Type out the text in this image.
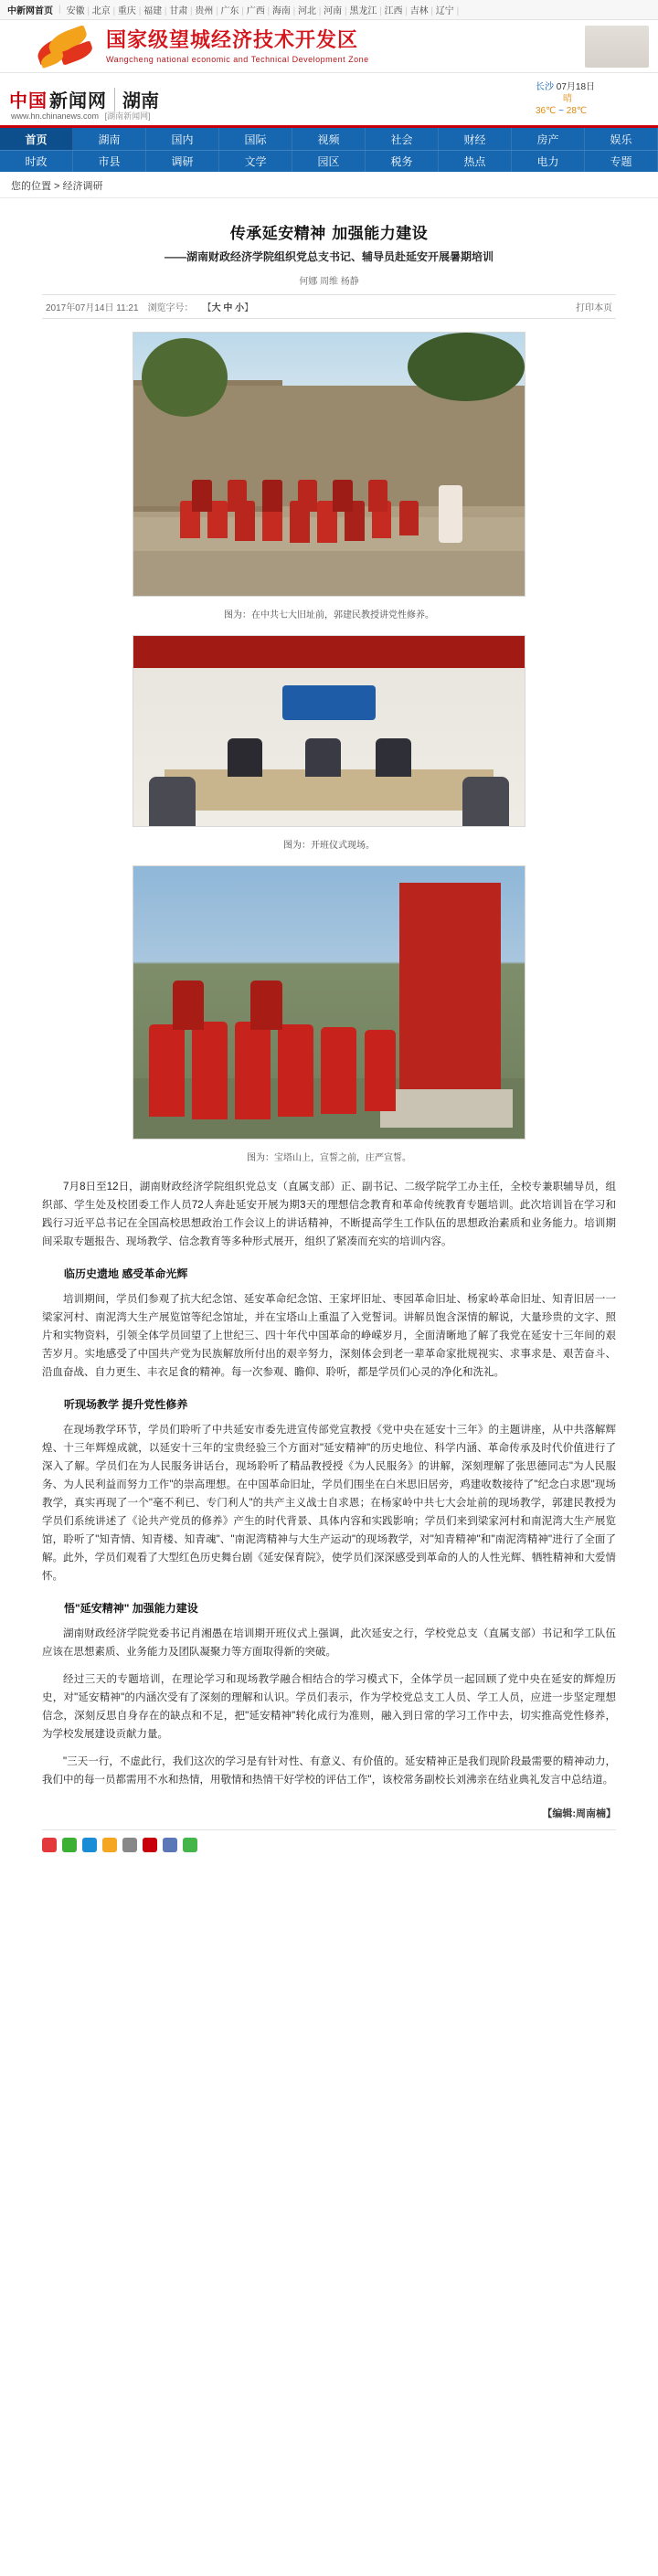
中新网首页 | 安徽 | 北京 | 重庆 | 福建 | 甘肃 | 贵州 | 广东 | 广西 | 海南 | 河北 | 河南 | 黑龙江 | 江西 | 吉林 | 辽宁 |
国家级望城经济技术开发区
Wangcheng national economic and Technical Development Zone
中国 新闻网 湖南
www.hn.chinanews.com [湖南新闻网]
长沙 07月18日
晴
36℃ ~ 28℃
首页	湖南	国内	国际	视频	社会	财经	房产	娱乐
时政	市县	调研	文学	园区	税务	热点	电力	专题
您的位置 > 经济调研
传承延安精神 加强能力建设
——湖南财政经济学院组织党总支书记、辅导员赴延安开展暑期培训
何娜 周维 杨静
2017年07月14日 11:21 浏览字号： 【大 中 小】	打印本页
图为：在中共七大旧址前，郭建民教授讲党性修养。
图为：开班仪式现场。
图为：宝塔山上，宣誓之前，庄严宣誓。

7月8日至12日，湖南财政经济学院组织党总支（直属支部）正、副书记、二级学院学工办主任，全校专兼职辅导员，组织部、学生处及校团委工作人员72人奔赴延安开展为期3天的理想信念教育和革命传统教育专题培训。此次培训旨在学习和践行习近平总书记在全国高校思想政治工作会议上的讲话精神，不断提高学生工作队伍的思想政治素质和业务能力。培训期间采取专题报告、现场教学、信念教育等多种形式展开，组织了紧凑而充实的培训内容。

临历史遗地 感受革命光辉

培训期间，学员们参观了抗大纪念馆、延安革命纪念馆、王家坪旧址、枣园革命旧址、杨家岭革命旧址、知青旧居一一梁家河村、南泥湾大生产展览馆等纪念馆址，并在宝塔山上重温了入党誓词。讲解员饱含深情的解说，大量珍贵的文字、照片和实物资料，引领全体学员回望了上世纪三、四十年代中国革命的峥嵘岁月，全面清晰地了解了我党在延安十三年间的艰苦岁月。实地感受了中国共产党为民族解放所付出的艰辛努力，深刻体会到老一辈革命家批规视实、求事求是、艰苦奋斗、沿血奋战、自力更生、丰衣足食的精神。每一次参观、瞻仰、聆听，都是学员们心灵的净化和洗礼。

听现场教学 提升党性修养

在现场教学环节，学员们聆听了中共延安市委先进宣传部党宣教授《党中央在延安十三年》的主题讲座，从中共落解辉煌、十三年辉煌成就，以延安十三年的宝贵经验三个方面对"延安精神"的历史地位、科学内涵、革命传承及时代价值进行了深入了解。学员们在为人民服务讲话台，现场聆听了精品教授授《为人民服务》的讲解，深刻理解了张思德同志"为人民服务、为人民利益而努力工作"的崇高理想。在中国革命旧址，学员们围坐在白米思旧居旁，鸡建收数接待了"纪念白求恩"现场教学，真实再现了一个"毫不利已、专门利人"的共产主义战士自求恩；在杨家岭中共七大会址前的现场教学，郭建民教授为学员们系统讲述了《论共产党员的修养》产生的时代背景、具体内容和实践影响；学员们来到梁家河村和南泥湾大生产展览馆，聆听了"知青情、知青楼、知青魂"、"南泥湾精神与大生产运动"的现场教学，对"知青精神"和"南泥湾精神"进行了全面了解。此外，学员们观看了大型红色历史舞台剧《延安保育院》，使学员们深深感受到革命的人的人性光辉、牺牲精神和大爱情怀。

悟"延安精神" 加强能力建设

湖南财政经济学院党委书记肖湘愚在培训期开班仪式上强调，此次延安之行，学校党总支（直属支部）书记和学工队伍应该在思想素质、业务能力及团队凝聚力等方面取得新的突破。

经过三天的专题培训，在理论学习和现场教学融合相结合的学习模式下，全体学员一起回顾了党中央在延安的辉煌历史，对"延安精神"的内涵次受有了深刻的理解和认识。学员们表示，作为学校党总支工人员、学工人员，应进一步坚定理想信念，深刻反思自身存在的缺点和不足，把"延安精神"转化成行为准则，融入到日常的学习工作中去，切实推高党性修养，为学校发展建设贡献力量。

"三天一行，不虚此行，我们这次的学习是有针对性、有意义、有价值的。延安精神正是我们现阶段最需要的精神动力，我们中的每一员都需用不水和热情，用敬情和热情干好学校的评估工作"，该校常务副校长刘沸亲在结业典礼发言中总结道。

【编辑:周南楠】
